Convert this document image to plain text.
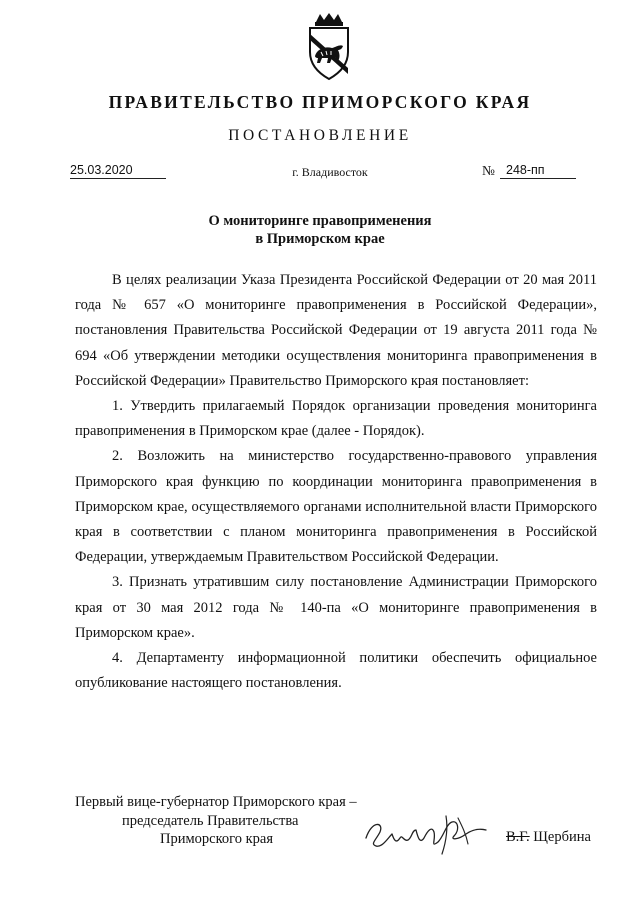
ПРАВИТЕЛЬСТВО ПРИМОРСКОГО КРАЯ
ПОСТАНОВЛЕНИЕ
25.03.2020	г. Владивосток	№ 248-пп
О мониторинге правоприменения
в Приморском крае

В целях реализации Указа Президента Российской Федерации от 20 мая 2011 года № 657 «О мониторинге правоприменения в Российской Федерации», постановления Правительства Российской Федерации от 19 августа 2011 года № 694 «Об утверждении методики осуществления мониторинга правоприменения в Российской Федерации» Правительство Приморского края постановляет:

1. Утвердить прилагаемый Порядок организации проведения мониторинга правоприменения в Приморском крае (далее - Порядок).

2. Возложить на министерство государственно-правового управления Приморского края функцию по координации мониторинга правоприменения в Приморском крае, осуществляемого органами исполнительной власти Приморского края в соответствии с планом мониторинга правоприменения в Российской Федерации, утверждаемым Правительством Российской Федерации.

3. Признать утратившим силу постановление Администрации Приморского края от 30 мая 2012 года № 140-па «О мониторинге правоприменения в Приморском крае».

4. Департаменту информационной политики обеспечить официальное опубликование настоящего постановления.

Первый вице-губернатор Приморского края –
председатель Правительства
Приморского края	В.Г. Щербина
